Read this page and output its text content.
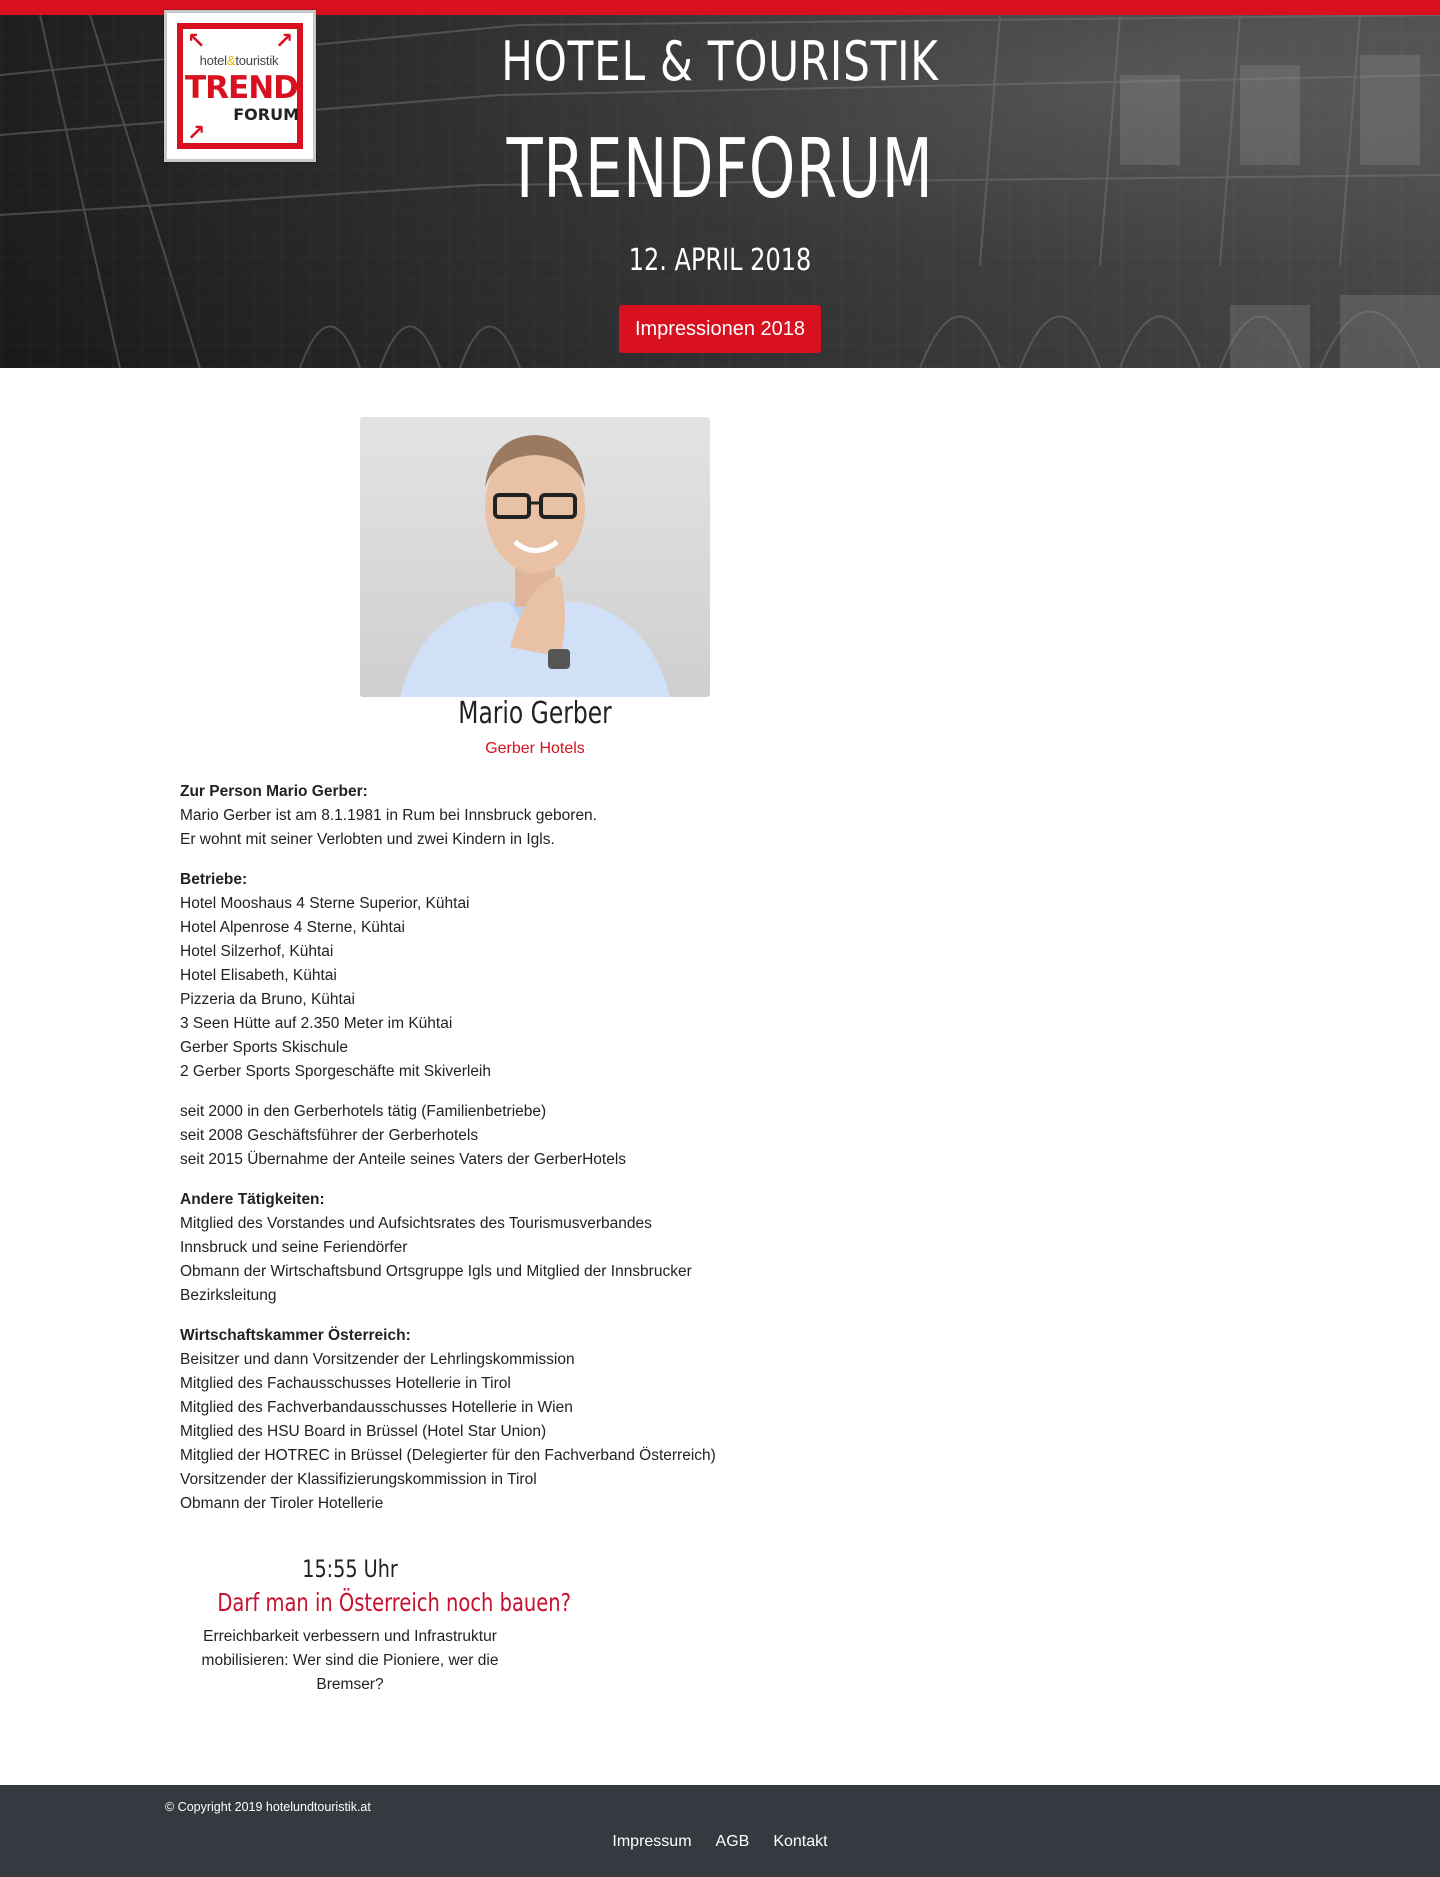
↖	↗
↗
hotel&touristik
TREND
FORUM
HOTEL & TOURISTIK
TRENDFORUM
12. APRIL 2018
Impressionen 2018
Mario Gerber
Gerber Hotels
Zur Person Mario Gerber:
Mario Gerber ist am 8.1.1981 in Rum bei Innsbruck geboren.
Er wohnt mit seiner Verlobten und zwei Kindern in Igls.
Betriebe:
Hotel Mooshaus 4 Sterne Superior, Kühtai
Hotel Alpenrose 4 Sterne, Kühtai
Hotel Silzerhof, Kühtai
Hotel Elisabeth, Kühtai
Pizzeria da Bruno, Kühtai
3 Seen Hütte auf 2.350 Meter im Kühtai
Gerber Sports Skischule
2 Gerber Sports Sporgeschäfte mit Skiverleih
seit 2000 in den Gerberhotels tätig (Familienbetriebe)
seit 2008 Geschäftsführer der Gerberhotels
seit 2015 Übernahme der Anteile seines Vaters der GerberHotels
Andere Tätigkeiten:
Mitglied des Vorstandes und Aufsichtsrates des Tourismusverbandes
Innsbruck und seine Feriendörfer
Obmann der Wirtschaftsbund Ortsgruppe Igls und Mitglied der Innsbrucker
Bezirksleitung
Wirtschaftskammer Österreich:
Beisitzer und dann Vorsitzender der Lehrlingskommission
Mitglied des Fachausschusses Hotellerie in Tirol
Mitglied des Fachverbandausschusses Hotellerie in Wien
Mitglied des HSU Board in Brüssel (Hotel Star Union)
Mitglied der HOTREC in Brüssel (Delegierter für den Fachverband Österreich)
Vorsitzender der Klassifizierungskommission in Tirol
Obmann der Tiroler Hotellerie
15:55 Uhr
Darf man in Österreich noch bauen?
Erreichbarkeit verbessern und Infrastruktur mobilisieren: Wer sind die Pioniere, wer die Bremser?
© Copyright 2019 hotelundtouristik.at
Impressum AGB Kontakt
